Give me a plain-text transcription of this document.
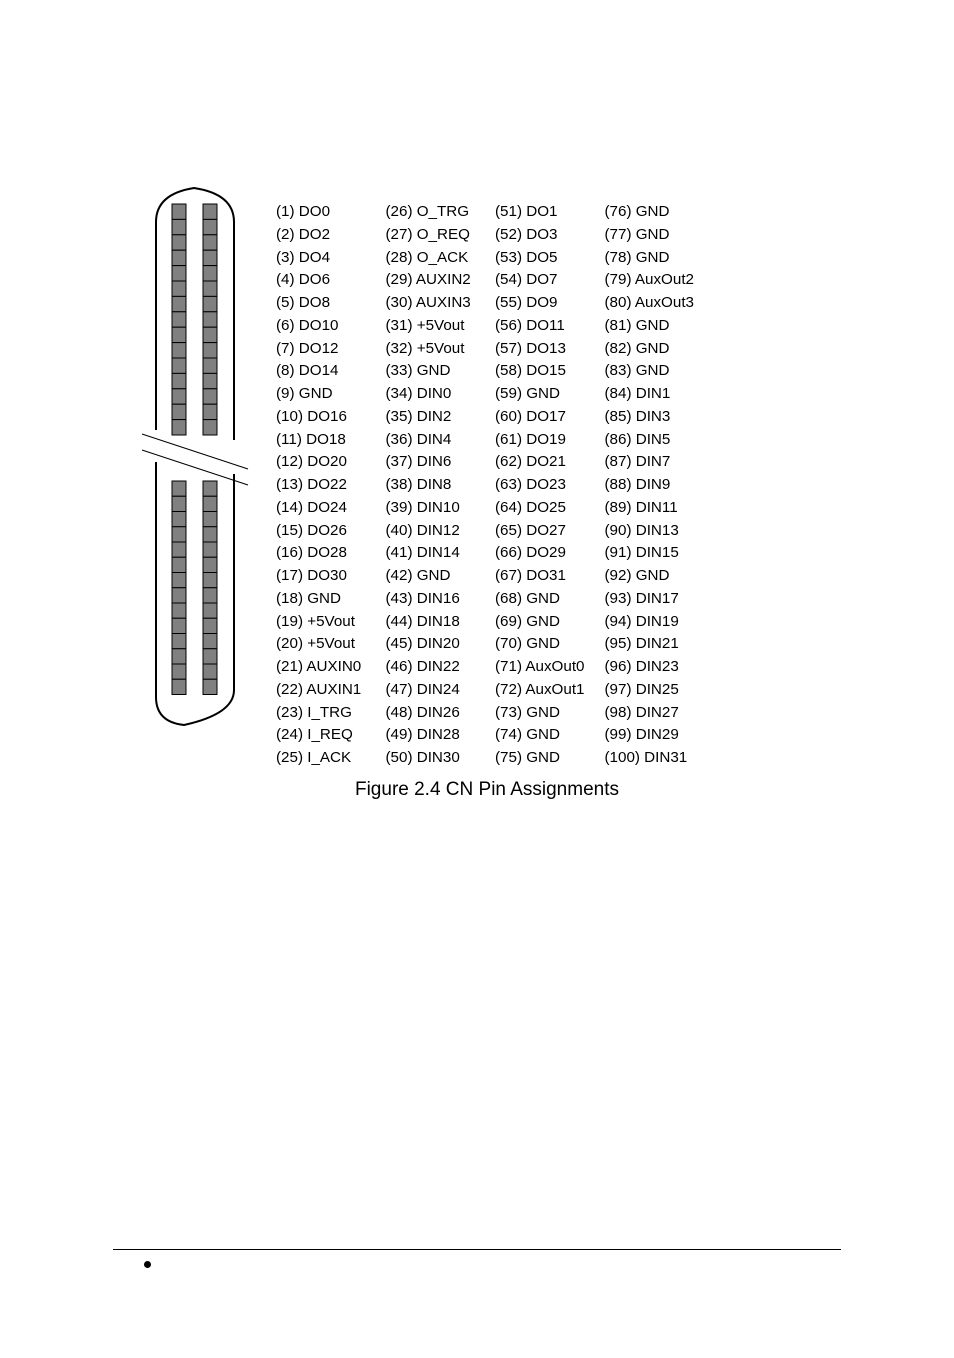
(1) DO0
(2) DO2
(3) DO4
(4) DO6
(5) DO8
(6) DO10
(7) DO12
(8) DO14
(9) GND
(10) DO16
(11) DO18
(12) DO20
(13) DO22
(14) DO24
(15) DO26
(16) DO28
(17) DO30
(18) GND
(19) +5Vout
(20) +5Vout
(21) AUXIN0
(22) AUXIN1
(23) I_TRG
(24) I_REQ
(25) I_ACK
(26) O_TRG
(27) O_REQ
(28) O_ACK
(29) AUXIN2
(30) AUXIN3
(31) +5Vout
(32) +5Vout
(33) GND
(34) DIN0
(35) DIN2
(36) DIN4
(37) DIN6
(38) DIN8
(39) DIN10
(40) DIN12
(41) DIN14
(42) GND
(43) DIN16
(44) DIN18
(45) DIN20
(46) DIN22
(47) DIN24
(48) DIN26
(49) DIN28
(50) DIN30
(51) DO1
(52) DO3
(53) DO5
(54) DO7
(55) DO9
(56) DO11
(57) DO13
(58) DO15
(59) GND
(60) DO17
(61) DO19
(62) DO21
(63) DO23
(64) DO25
(65) DO27
(66) DO29
(67) DO31
(68) GND
(69) GND
(70) GND
(71) AuxOut0
(72) AuxOut1
(73) GND
(74) GND
(75) GND
(76) GND
(77) GND
(78) GND
(79) AuxOut2
(80) AuxOut3
(81) GND
(82) GND
(83) GND
(84) DIN1
(85) DIN3
(86) DIN5
(87) DIN7
(88) DIN9
(89) DIN11
(90) DIN13
(91) DIN15
(92) GND
(93) DIN17
(94) DIN19
(95) DIN21
(96) DIN23
(97) DIN25
(98) DIN27
(99) DIN29
(100) DIN31
Figure 2.4 CN Pin Assignments
